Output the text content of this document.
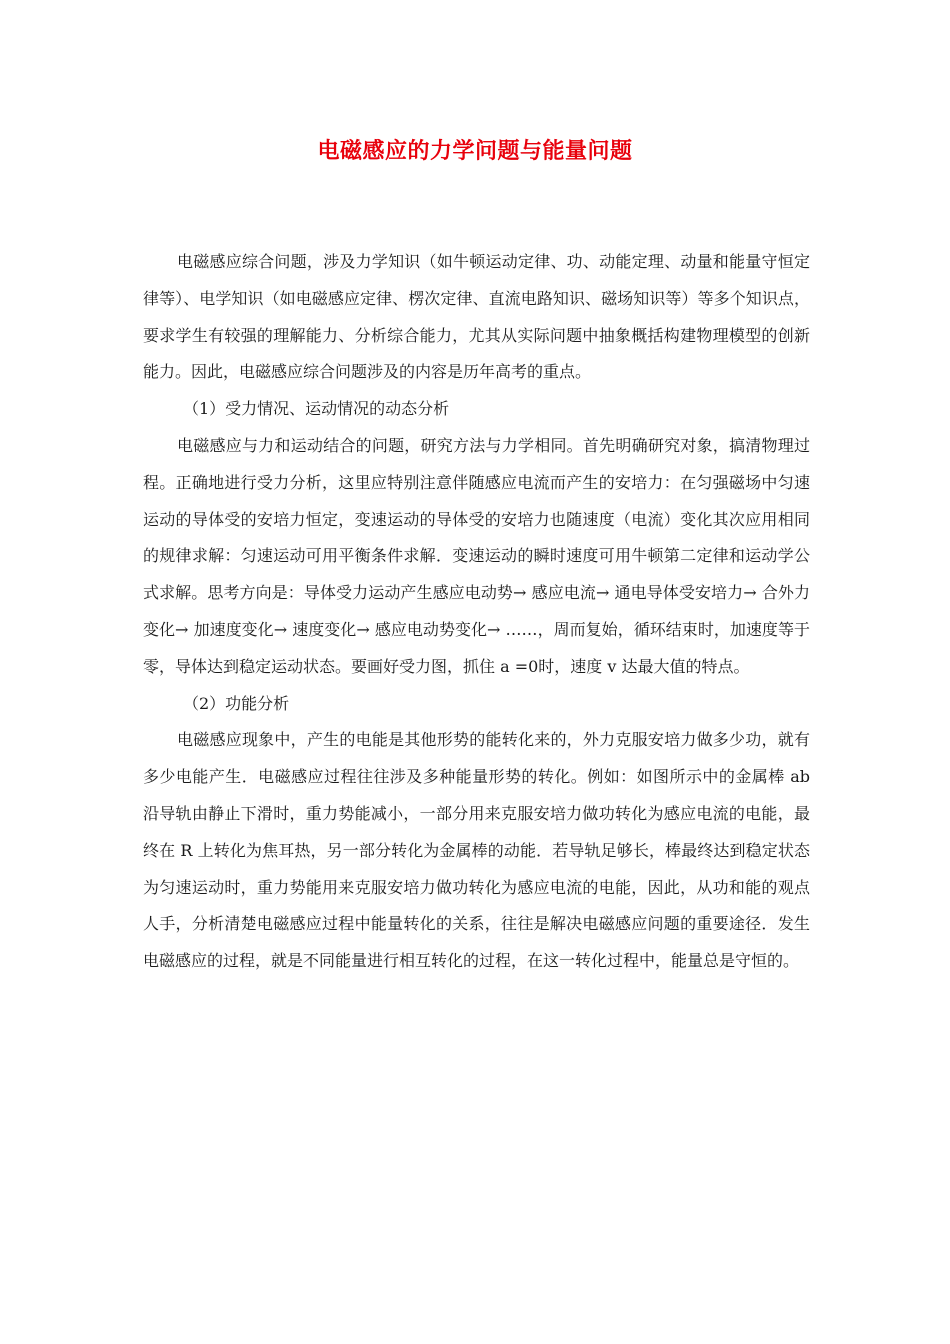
电磁感应的力学问题与能量问题

电磁感应综合问题，涉及力学知识（如牛顿运动定律、功、动能定理、动量和能量守恒定律等）、电学知识（如电磁感应定律、楞次定律、直流电路知识、磁场知识等）等多个知识点，要求学生有较强的理解能力、分析综合能力，尤其从实际问题中抽象概括构建物理模型的创新能力。因此，电磁感应综合问题涉及的内容是历年高考的重点。

（1）受力情况、运动情况的动态分析

电磁感应与力和运动结合的问题，研究方法与力学相同。首先明确研究对象，搞清物理过程。正确地进行受力分析，这里应特别注意伴随感应电流而产生的安培力：在匀强磁场中匀速运动的导体受的安培力恒定，变速运动的导体受的安培力也随速度（电流）变化其次应用相同的规律求解：匀速运动可用平衡条件求解．变速运动的瞬时速度可用牛顿第二定律和运动学公式求解。思考方向是：导体受力运动产生感应电动势→ 感应电流→ 通电导体受安培力→ 合外力变化→ 加速度变化→ 速度变化→ 感应电动势变化→ ……，周而复始，循环结束时，加速度等于零，导体达到稳定运动状态。要画好受力图，抓住 a =0时，速度 v 达最大值的特点。

（2）功能分析

电磁感应现象中，产生的电能是其他形势的能转化来的，外力克服安培力做多少功，就有多少电能产生．电磁感应过程往往涉及多种能量形势的转化。例如：如图所示中的金属棒 ab 沿导轨由静止下滑时，重力势能减小，一部分用来克服安培力做功转化为感应电流的电能，最终在 R 上转化为焦耳热，另一部分转化为金属棒的动能．若导轨足够长，棒最终达到稳定状态为匀速运动时，重力势能用来克服安培力做功转化为感应电流的电能，因此，从功和能的观点人手，分析清楚电磁感应过程中能量转化的关系，往往是解决电磁感应问题的重要途径．发生电磁感应的过程，就是不同能量进行相互转化的过程，在这一转化过程中，能量总是守恒的。
